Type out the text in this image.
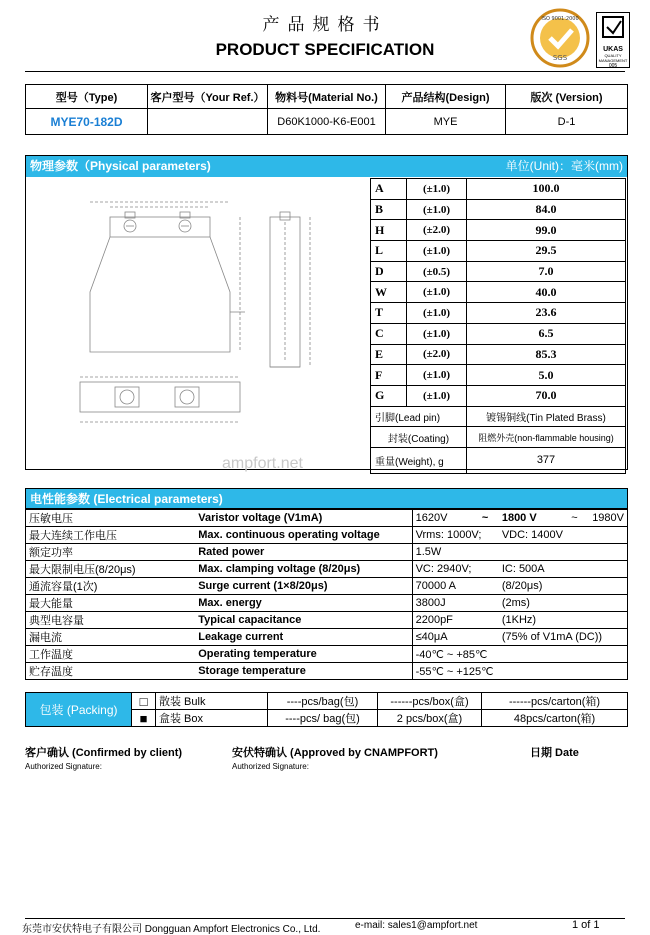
产品规格书
PRODUCT SPECIFICATION	SGS
ISO 9001:2000
UKAS
QUALITY MANAGEMENT
005
型号（Type)	客户型号（Your Ref.）	物料号(Material No.)	产品结构(Design)	版次 (Version)
MYE70-182D		D60K1000-K6-E001	MYE	D-1
物理参数（Physical parameters)	单位(Unit)：毫米(mm)
A	(±1.0)	100.0
B	(±1.0)	84.0
H	(±2.0)	99.0
L	(±1.0)	29.5
D	(±0.5)	7.0
W	(±1.0)	40.0
T	(±1.0)	23.6
C	(±1.0)	6.5
E	(±2.0)	85.3
F	(±1.0)	5.0
G	(±1.0)	70.0
引脚(Lead pin)		镀锡铜线(Tin Plated Brass)
封装(Coating)		阻燃外壳(non-flammable housing)
重量(Weight), g		377
ampfort.net
电性能参数 (Electrical parameters)
压敏电压	Varistor voltage (V1mA)	1620V	~	1800 V	~	1980V
最大连续工作电压	Max. continuous operating voltage	Vrms: 1000V;		VDC: 1400V		
额定功率	Rated power	1.5W				
最大限制电压(8/20μs)	Max. clamping voltage (8/20μs)	VC: 2940V;		IC: 500A		
通流容量(1次)	Surge current (1×8/20μs)	70000 A		(8/20μs)		
最大能量	Max. energy	3800J		(2ms)		
典型电容量	Typical capacitance	2200pF		(1KHz)		
漏电流	Leakage current	≤40μA		(75% of V1mA (DC))		
工作温度	Operating temperature	-40℃ ~ +85℃				
贮存温度	Storage temperature	-55℃ ~ +125℃				
包装 (Packing)	□	散装 Bulk	----pcs/bag(包)	------pcs/box(盒)	------pcs/carton(箱)
	■	盒装 Box	----pcs/ bag(包)	2 pcs/box(盒)	48pcs/carton(箱)
客户确认 (Confirmed by client)	安伏特确认 (Approved by CNAMPFORT)	日期 Date
Authorized Signature:	Authorized Signature:
东莞市安伏特电子有限公司 Dongguan Ampfort Electronics Co., Ltd.	e-mail: sales1@ampfort.net	1 of 1
